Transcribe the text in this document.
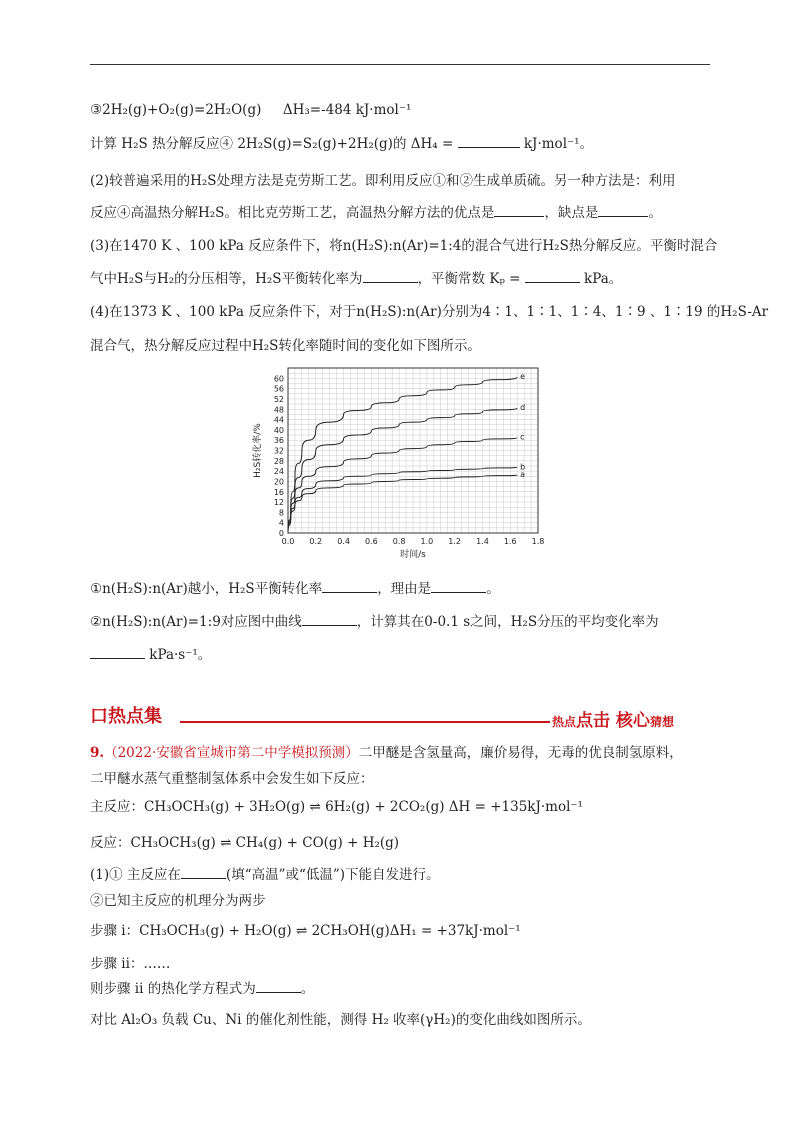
③2H₂(g)+O₂(g)=2H₂O(g) ΔH₃=-484 kJ·mol⁻¹
计算 H₂S 热分解反应④ 2H₂S(g)=S₂(g)+2H₂(g)的 ΔH₄ =	kJ·mol⁻¹。
(2)较普遍采用的H₂S处理方法是克劳斯工艺。即利用反应①和②生成单质硫。另一种方法是：利用
反应④高温热分解H₂S。相比克劳斯工艺，高温热分解方法的优点是	，缺点是	。
(3)在1470 K 、100 kPa 反应条件下，将n(H₂S):n(Ar)=1:4的混合气进行H₂S热分解反应。平衡时混合
气中H₂S与H₂的分压相等，H₂S平衡转化率为	，平衡常数 Kₚ =	kPa。
(4)在1373 K 、100 kPa 反应条件下，对于n(H₂S):n(Ar)分别为4∶1、1∶1、1∶4、1∶9 、1∶19 的H₂S-Ar
混合气，热分解反应过程中H₂S转化率随时间的变化如下图所示。
0
4
8
12
16
20
24
28
32
36
40
44
48
52
56
60
0.0 0.2 0.4 0.6 0.8 1.0 1.2 1.4 1.6 1.8
时间/s
H₂S转化率/%	a
b
c
d
e
①n(H₂S):n(Ar)越小，H₂S平衡转化率	，理由是	。
②n(H₂S):n(Ar)=1:9对应图中曲线	，计算其在0-0.1 s之间，H₂S分压的平均变化率为
kPa·s⁻¹。
口热点集	热点点击 核心猜想
9.（2022·安徽省宣城市第二中学模拟预测）二甲醚是含氢量高，廉价易得，无毒的优良制氢原料，
二甲醚水蒸气重整制氢体系中会发生如下反应：
主反应：CH₃OCH₃(g) + 3H₂O(g) ⇌ 6H₂(g) + 2CO₂(g) ΔH = +135kJ·mol⁻¹
反应：CH₃OCH₃(g) ⇌ CH₄(g) + CO(g) + H₂(g)
(1)① 主反应在	(填“高温”或“低温”)下能自发进行。
②已知主反应的机理分为两步
步骤 i：CH₃OCH₃(g) + H₂O(g) ⇌ 2CH₃OH(g)ΔH₁ = +37kJ·mol⁻¹
步骤 ii：……
则步骤 ii 的热化学方程式为	。
对比 Al₂O₃ 负载 Cu、Ni 的催化剂性能，测得 H₂ 收率(γH₂)的变化曲线如图所示。
